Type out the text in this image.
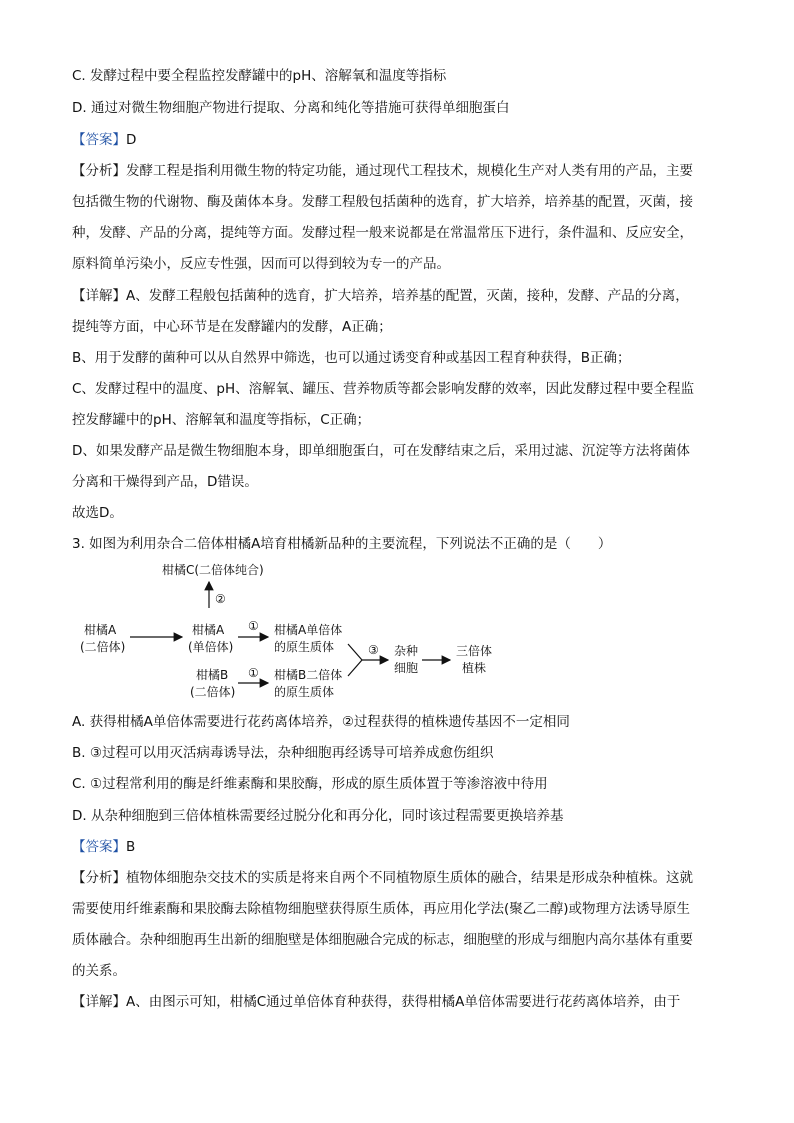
C. 发酵过程中要全程监控发酵罐中的pH、溶解氧和温度等指标
D. 通过对微生物细胞产物进行提取、分离和纯化等措施可获得单细胞蛋白
【答案】D
【分析】发酵工程是指利用微生物的特定功能，通过现代工程技术，规模化生产对人类有用的产品，主要
包括微生物的代谢物、酶及菌体本身。发酵工程般包括菌种的选育，扩大培养，培养基的配置，灭菌，接
种，发酵、产品的分离，提纯等方面。发酵过程一般来说都是在常温常压下进行，条件温和、反应安全，
原料简单污染小，反应专性强，因而可以得到较为专一的产品。
【详解】A、发酵工程般包括菌种的选育，扩大培养，培养基的配置，灭菌，接种，发酵、产品的分离，
提纯等方面，中心环节是在发酵罐内的发酵，A正确；
B、用于发酵的菌种可以从自然界中筛选，也可以通过诱变育种或基因工程育种获得，B正确；
C、发酵过程中的温度、pH、溶解氧、罐压、营养物质等都会影响发酵的效率，因此发酵过程中要全程监
控发酵罐中的pH、溶解氧和温度等指标，C正确；
D、如果发酵产品是微生物细胞本身，即单细胞蛋白，可在发酵结束之后，采用过滤、沉淀等方法将菌体
分离和干燥得到产品，D错误。
故选D。
3. 如图为利用杂合二倍体柑橘A培育柑橘新品种的主要流程，下列说法不正确的是（　　）
柑橘C(二倍体纯合)
②
柑橘A
(二倍体)
柑橘A
(单倍体)
① 柑橘A单倍体
的原生质体
柑橘B
(二倍体)
① 柑橘B二倍体
的原生质体
③ 杂种
细胞
三倍体
植株
A. 获得柑橘A单倍体需要进行花药离体培养，②过程获得的植株遗传基因不一定相同
B. ③过程可以用灭活病毒诱导法，杂种细胞再经诱导可培养成愈伤组织
C. ①过程常利用的酶是纤维素酶和果胶酶，形成的原生质体置于等渗溶液中待用
D. 从杂种细胞到三倍体植株需要经过脱分化和再分化，同时该过程需要更换培养基
【答案】B
【分析】植物体细胞杂交技术的实质是将来自两个不同植物原生质体的融合，结果是形成杂种植株。这就
需要使用纤维素酶和果胶酶去除植物细胞壁获得原生质体，再应用化学法(聚乙二醇)或物理方法诱导原生
质体融合。杂种细胞再生出新的细胞壁是体细胞融合完成的标志，细胞壁的形成与细胞内高尔基体有重要
的关系。
【详解】A、由图示可知，柑橘C通过单倍体育种获得，获得柑橘A单倍体需要进行花药离体培养，由于
